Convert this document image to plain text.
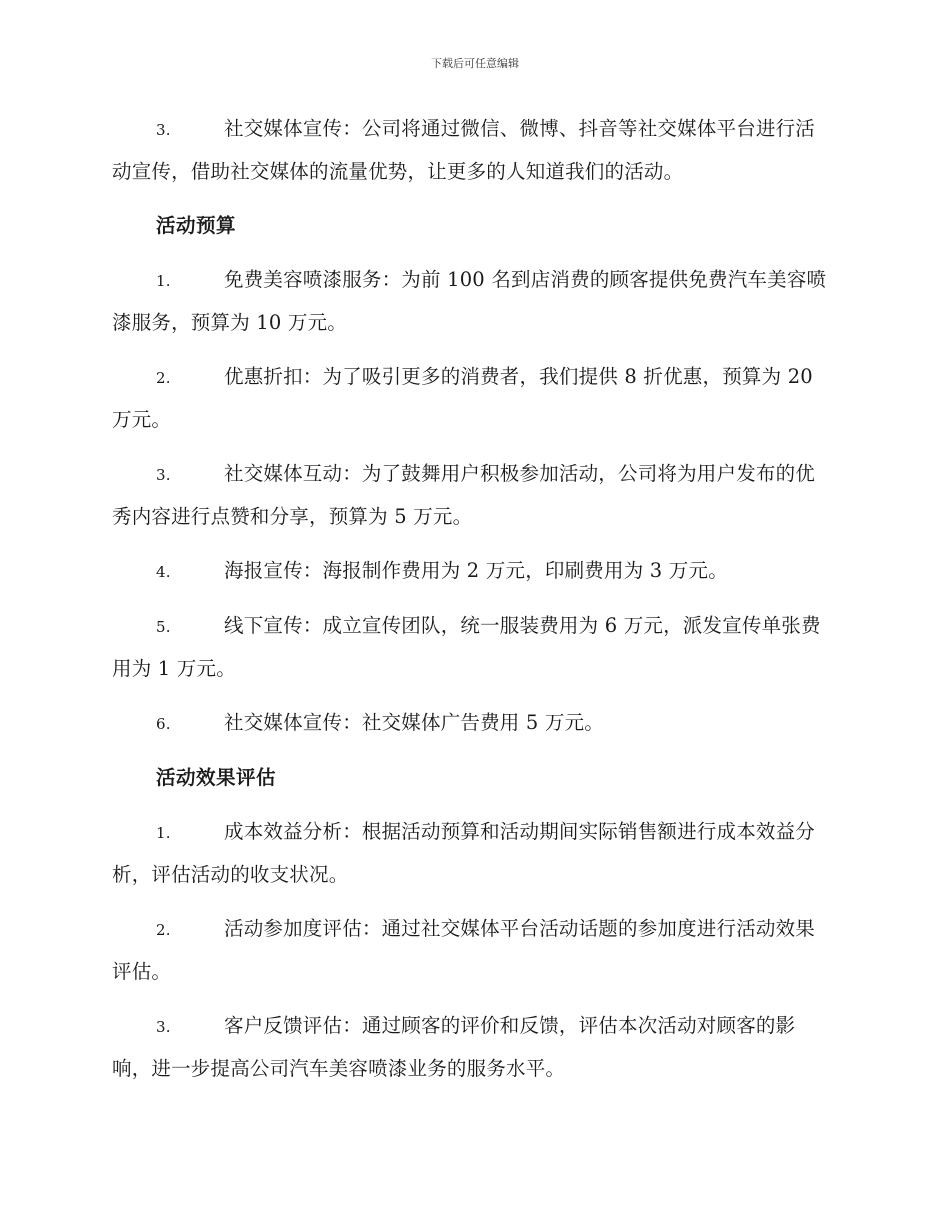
下载后可任意编辑

3.	社交媒体宣传：公司将通过微信、微博、抖音等社交媒体平台进行活动宣传，借助社交媒体的流量优势，让更多的人知道我们的活动。

活动预算

1.	免费美容喷漆服务：为前 100 名到店消费的顾客提供免费汽车美容喷漆服务，预算为 10 万元。

2.	优惠折扣：为了吸引更多的消费者，我们提供 8 折优惠，预算为 20 万元。

3.	社交媒体互动：为了鼓舞用户积极参加活动，公司将为用户发布的优秀内容进行点赞和分享，预算为 5 万元。

4.	海报宣传：海报制作费用为 2 万元，印刷费用为 3 万元。

5.	线下宣传：成立宣传团队，统一服装费用为 6 万元，派发宣传单张费用为 1 万元。

6.	社交媒体宣传：社交媒体广告费用 5 万元。

活动效果评估

1.	成本效益分析：根据活动预算和活动期间实际销售额进行成本效益分析，评估活动的收支状况。

2.	活动参加度评估：通过社交媒体平台活动话题的参加度进行活动效果评估。

3.	客户反馈评估：通过顾客的评价和反馈，评估本次活动对顾客的影响，进一步提高公司汽车美容喷漆业务的服务水平。
